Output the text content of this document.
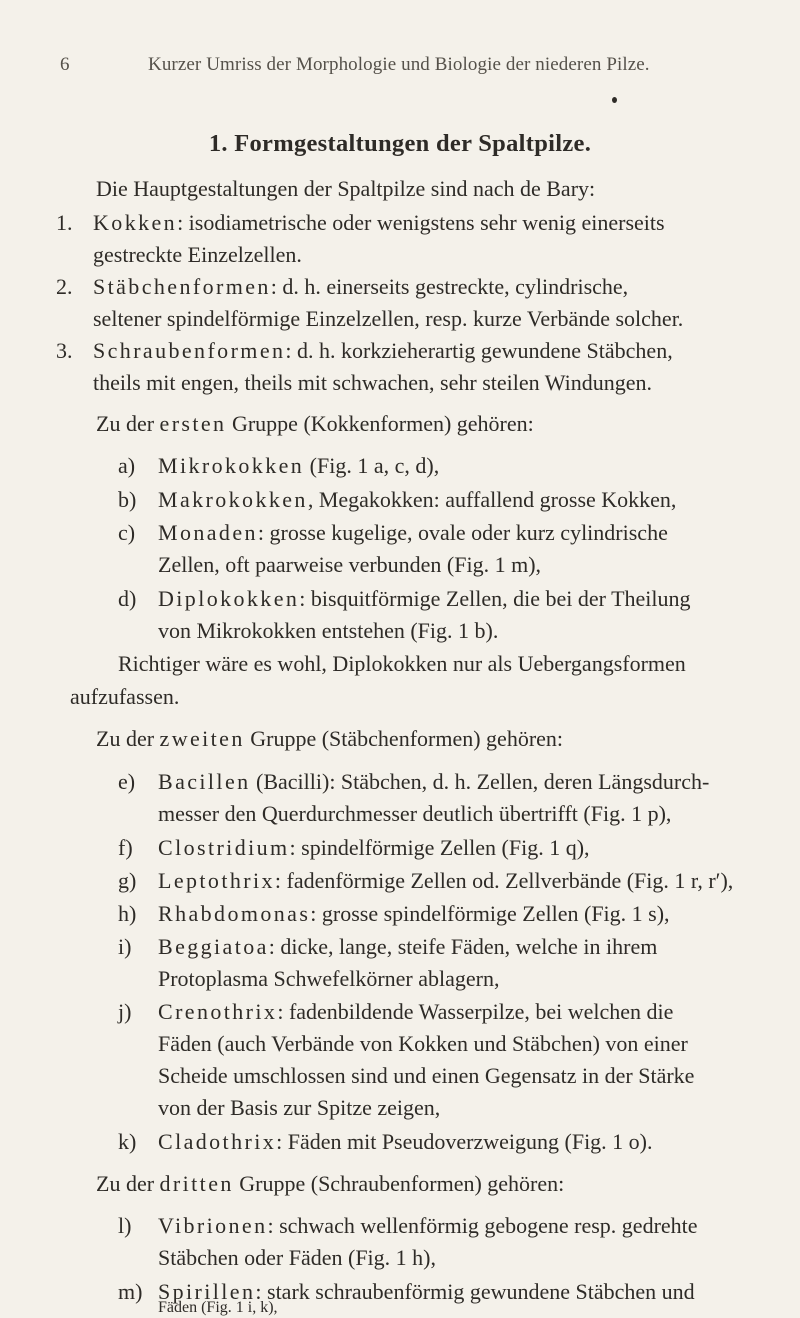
6	Kurzer Umriss der Morphologie und Biologie der niederen Pilze.
1. Formgestaltungen der Spaltpilze.
Die Hauptgestaltungen der Spaltpilze sind nach de Bary:
1. Kokken: isodiametrische oder wenigstens sehr wenig einerseits
gestreckte Einzelzellen.
2. Stäbchenformen: d. h. einerseits gestreckte, cylindrische,
seltener spindelförmige Einzelzellen, resp. kurze Verbände solcher.
3. Schraubenformen: d. h. korkzieherartig gewundene Stäbchen,
theils mit engen, theils mit schwachen, sehr steilen Windungen.
Zu der ersten Gruppe (Kokkenformen) gehören:
a) Mikrokokken (Fig. 1 a, c, d),
b) Makrokokken, Megakokken: auffallend grosse Kokken,
c) Monaden: grosse kugelige, ovale oder kurz cylindrische
Zellen, oft paarweise verbunden (Fig. 1 m),
d) Diplokokken: bisquitförmige Zellen, die bei der Theilung
von Mikrokokken entstehen (Fig. 1 b).
Richtiger wäre es wohl, Diplokokken nur als Uebergangsformen
aufzufassen.
Zu der zweiten Gruppe (Stäbchenformen) gehören:
e) Bacillen (Bacilli): Stäbchen, d. h. Zellen, deren Längsdurch-
messer den Querdurchmesser deutlich übertrifft (Fig. 1 p),
f) Clostridium: spindelförmige Zellen (Fig. 1 q),
g) Leptothrix: fadenförmige Zellen od. Zellverbände (Fig. 1 r, r′),
h) Rhabdomonas: grosse spindelförmige Zellen (Fig. 1 s),
i) Beggiatoa: dicke, lange, steife Fäden, welche in ihrem
Protoplasma Schwefelkörner ablagern,
j) Crenothrix: fadenbildende Wasserpilze, bei welchen die
Fäden (auch Verbände von Kokken und Stäbchen) von einer
Scheide umschlossen sind und einen Gegensatz in der Stärke
von der Basis zur Spitze zeigen,
k) Cladothrix: Fäden mit Pseudoverzweigung (Fig. 1 o).
Zu der dritten Gruppe (Schraubenformen) gehören:
l) Vibrionen: schwach wellenförmig gebogene resp. gedrehte
Stäbchen oder Fäden (Fig. 1 h),
m) Spirillen: stark schraubenförmig gewundene Stäbchen und
Fäden (Fig. 1 i, k),
